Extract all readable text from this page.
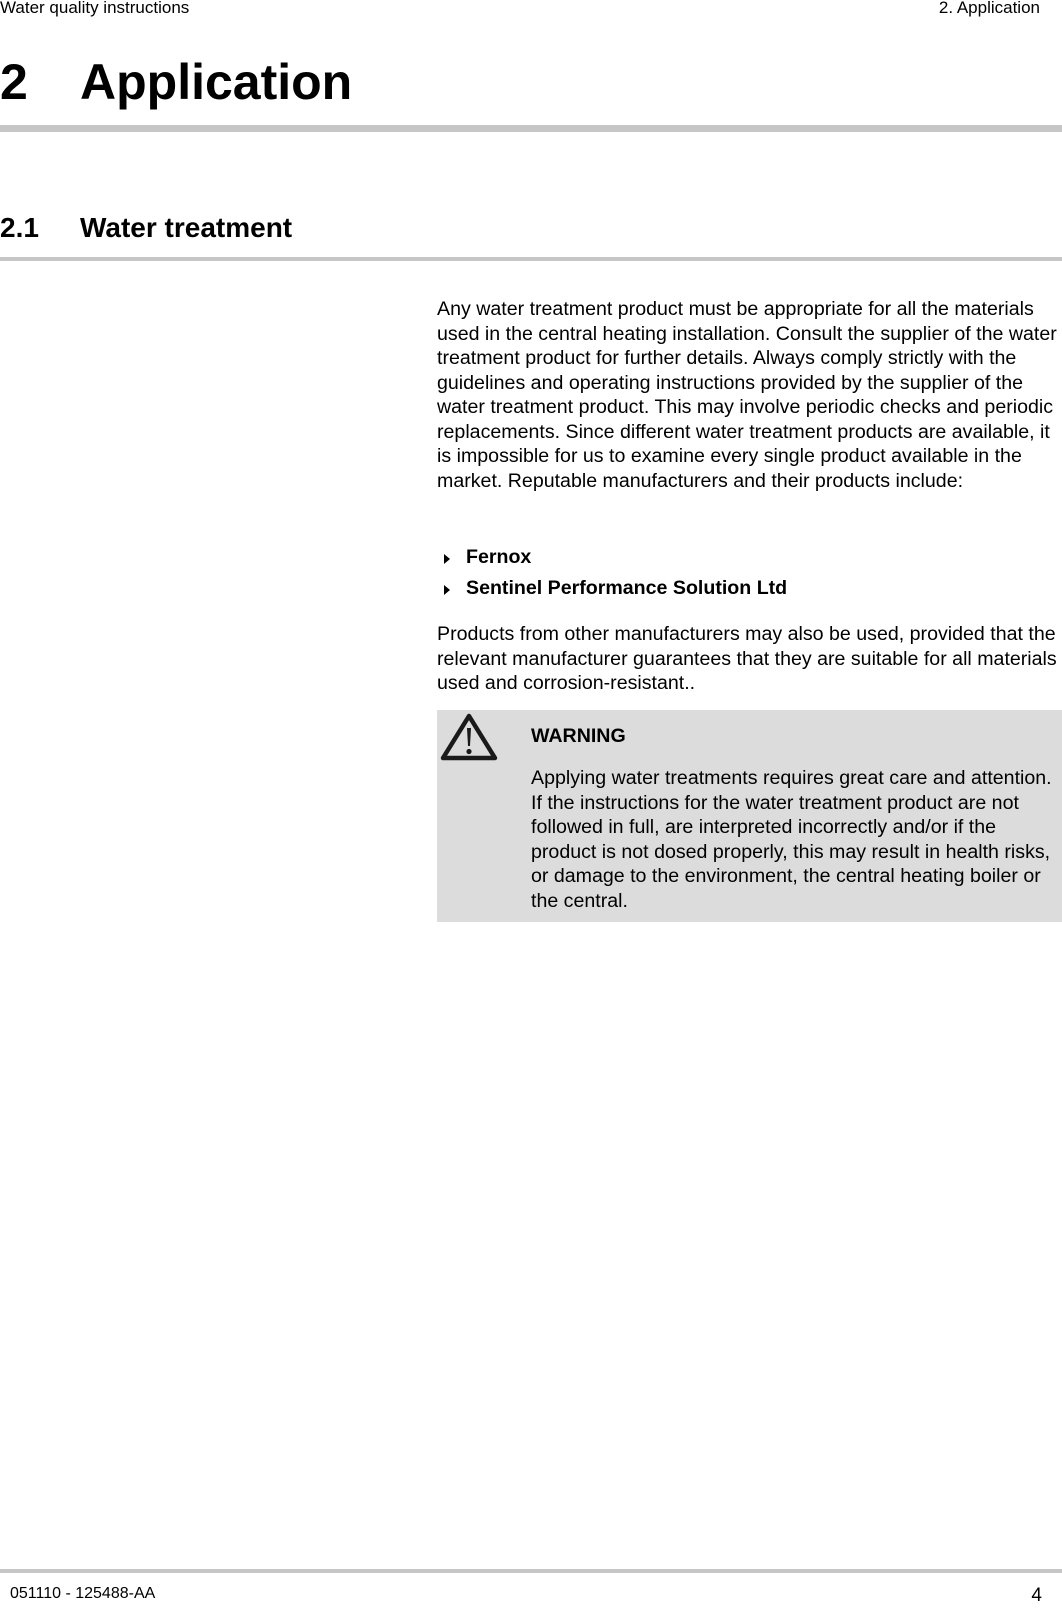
Water quality instructions	2. Application
2 Application
2.1 Water treatment

Any water treatment product must be appropriate for all the materials used in the central heating installation. Consult the supplier of the water treatment product for further details. Always comply strictly with the guidelines and operating instructions provided by the supplier of the water treatment product. This may involve periodic checks and periodic replacements. Since different water treatment products are available, it is impossible for us to examine every single product available in the market. Reputable manufacturers and their products include:

Fernox
Sentinel Performance Solution Ltd

Products from other manufacturers may also be used, provided that the relevant manufacturer guarantees that they are suitable for all materials used and corrosion-resistant..

WARNING
Applying water treatments requires great care and attention. If the instructions for the water treatment product are not followed in full, are interpreted incorrectly and/or if the product is not dosed properly, this may result in health risks, or damage to the environment, the central heating boiler or the central.
051110 - 125488-AA	4
